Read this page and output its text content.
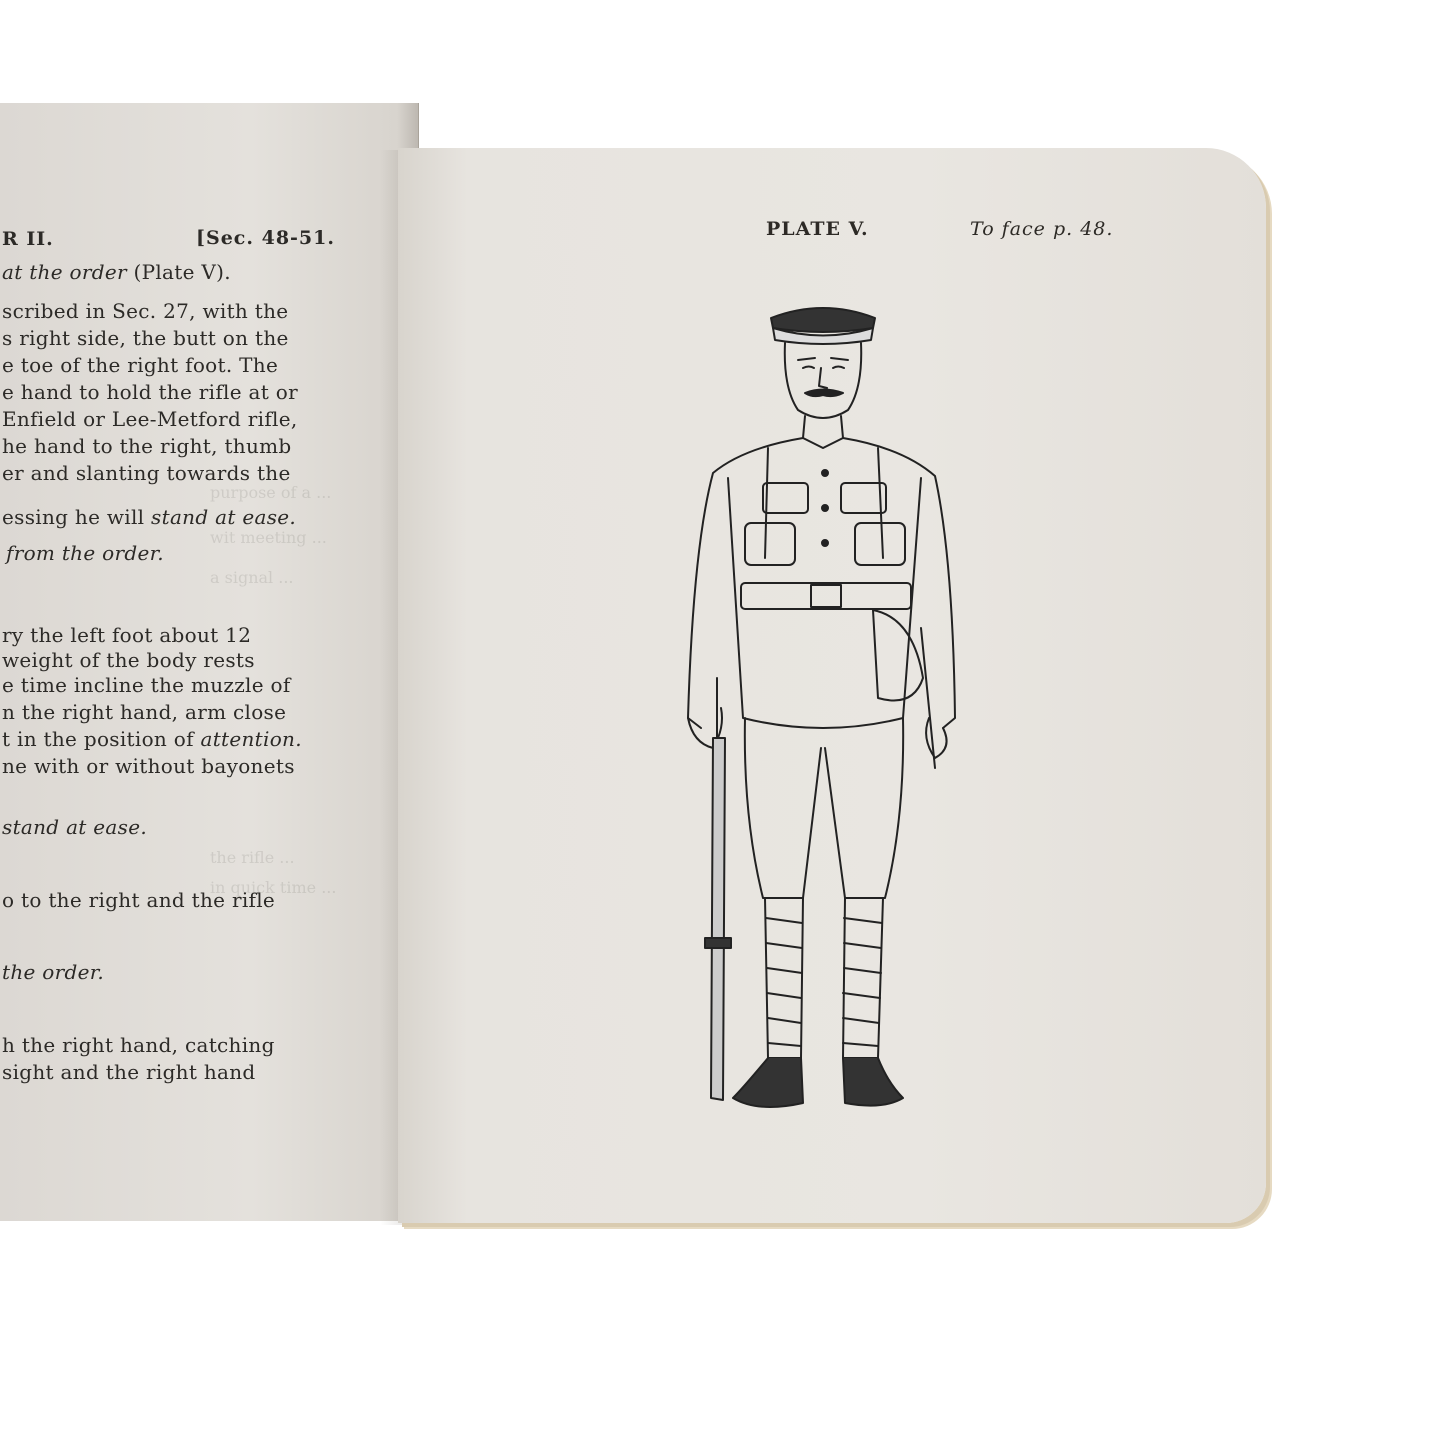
R II.	[Sec. 48-51.
at the order (Plate V).
scribed in Sec. 27, with the
s right side, the butt on the
e toe of the right foot. The
e hand to hold the rifle at or
Enfield or Lee-Metford rifle,
he hand to the right, thumb
er and slanting towards the
essing he will stand at ease.
from the order.
ry the left foot about 12
weight of the body rests
e time incline the muzzle of
n the right hand, arm close
t in the position of attention.
ne with or without bayonets
stand at ease.
o to the right and the rifle
the order.
h the right hand, catching
sight and the right hand
purpose of a ...
wit meeting ...
a signal ...
the rifle ...
in quick time ...
PLATE V.	To face p. 48.
